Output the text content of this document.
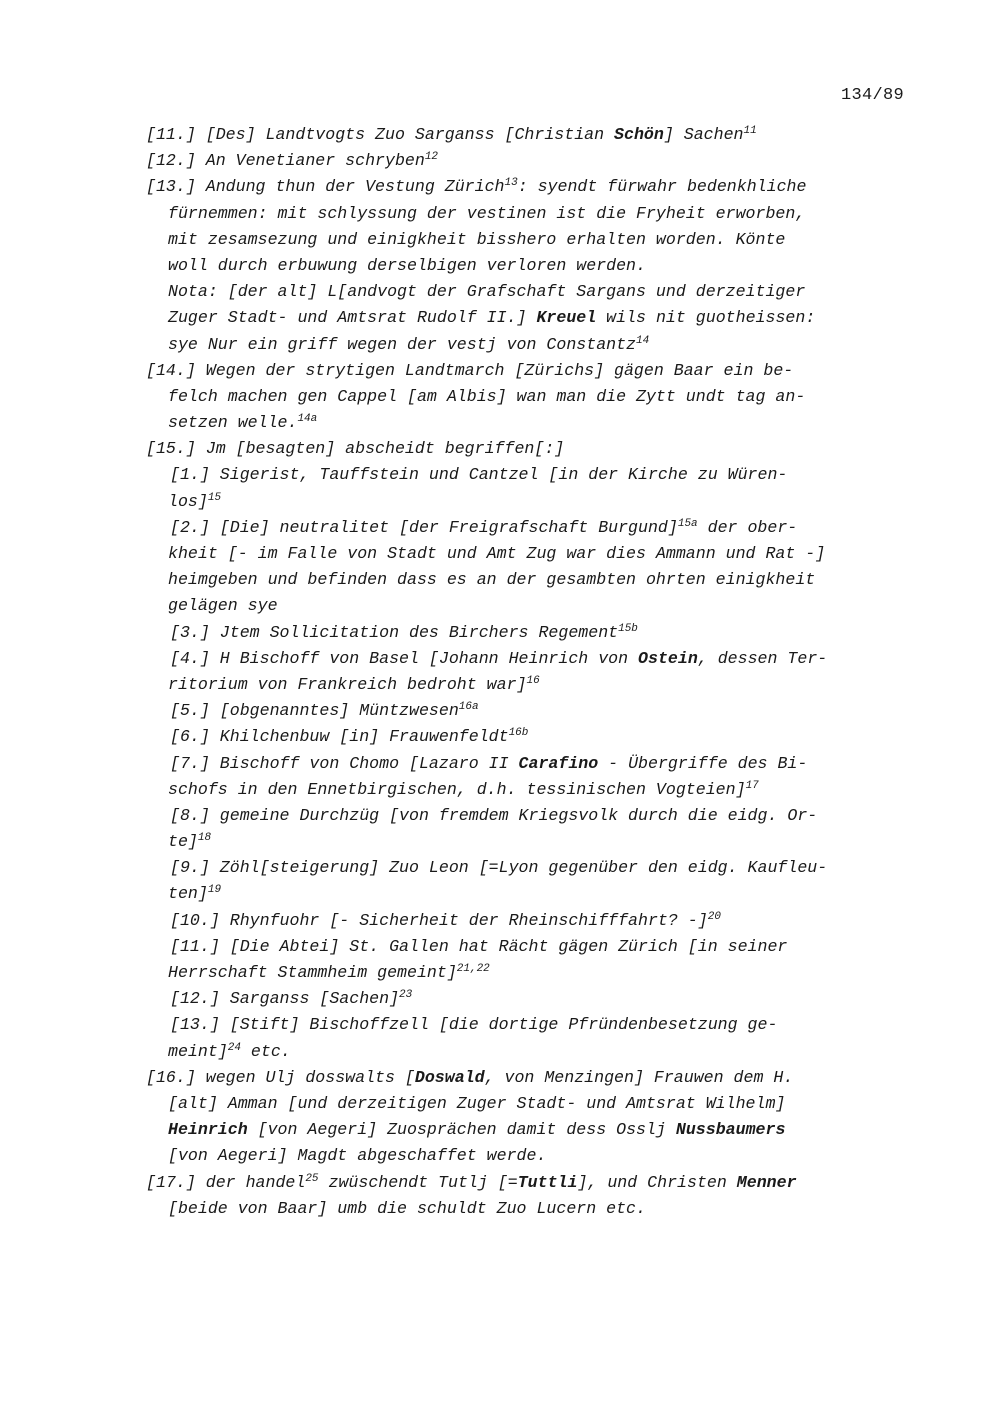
134/89
[11.] [Des] Landtvogts Zuo Sarganss [Christian Schön] Sachen$^{11}$
[12.] An Venetianer schryben$^{12}$
[13.] Andung thun der Vestung Zürich$^{13}$: syendt fürwahr bedenkhliche
fürnemmen: mit schlyssung der vestinen ist die Fryheit erworben,
mit zesamsezung und einigkheit bisshero erhalten worden. Könte
woll durch erbuwung derselbigen verloren werden.
Nota: [der alt] L[andvogt der Grafschaft Sargans und derzeitiger
Zuger Stadt- und Amtsrat Rudolf II.] Kreuel wils nit guotheissen:
sye Nur ein griff wegen der vestj von Constantz$^{14}$
[14.] Wegen der strytigen Landtmarch [Zürichs] gägen Baar ein be-
felch machen gen Cappel [am Albis] wan man die Zytt undt tag an-
setzen welle.$^{14a}$
[15.] Jm [besagten] abscheidt begriffen[:]
[1.] Sigerist, Tauffstein und Cantzel [in der Kirche zu Würen-
los]$^{15}$
[2.] [Die] neutralitet [der Freigrafschaft Burgund]$^{15a}$ der ober-
kheit [- im Falle von Stadt und Amt Zug war dies Ammann und Rat -]
heimgeben und befinden dass es an der gesambten ohrten einigkheit
gelägen sye
[3.] Jtem Sollicitation des Birchers Regement$^{15b}$
[4.] H Bischoff von Basel [Johann Heinrich von Ostein, dessen Ter-
ritorium von Frankreich bedroht war]$^{16}$
[5.] [obgenanntes] Müntzwesen$^{16a}$
[6.] Khilchenbuw [in] Frauwenfeldt$^{16b}$
[7.] Bischoff von Chomo [Lazaro II Carafino - Übergriffe des Bi-
schofs in den Ennetbirgischen, d.h. tessinischen Vogteien]$^{17}$
[8.] gemeine Durchzüg [von fremdem Kriegsvolk durch die eidg. Or-
te]$^{18}$
[9.] Zöhl[steigerung] Zuo Leon [=Lyon gegenüber den eidg. Kaufleu-
ten]$^{19}$
[10.] Rhynfuohr [- Sicherheit der Rheinschifffahrt? -]$^{20}$
[11.] [Die Abtei] St. Gallen hat Rächt gägen Zürich [in seiner
Herrschaft Stammheim gemeint]$^{21,22}$
[12.] Sarganss [Sachen]$^{23}$
[13.] [Stift] Bischoffzell [die dortige Pfründenbesetzung ge-
meint]$^{24}$ etc.
[16.] wegen Ulj dosswalts [Doswald, von Menzingen] Frauwen dem H.
[alt] Amman [und derzeitigen Zuger Stadt- und Amtsrat Wilhelm]
Heinrich [von Aegeri] Zuosprächen damit dess Osslj Nussbaumers
[von Aegeri] Magdt abgeschaffet werde.
[17.] der handel$^{25}$ zwüschendt Tutlj [=Tuttli], und Christen Menner
[beide von Baar] umb die schuldt Zuo Lucern etc.
